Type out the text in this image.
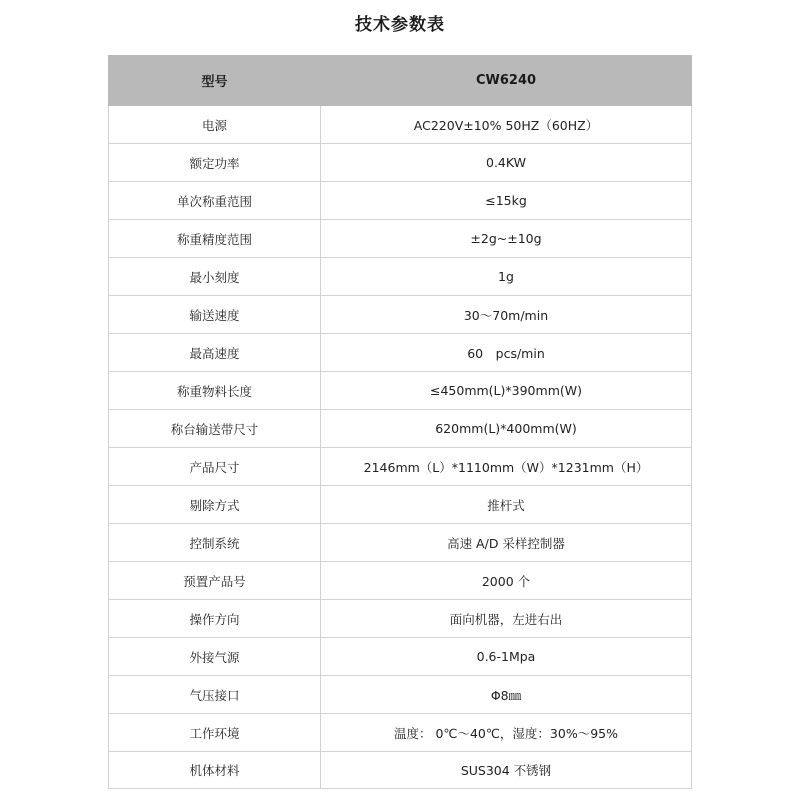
技术参数表
型号	CW6240
电源	AC220V±10% 50HZ（60HZ）
额定功率	0.4KW
单次称重范围	≤15kg
称重精度范围	±2g~±10g
最小刻度	1g
输送速度	30～70m/min
最高速度	60　pcs/min
称重物料长度	≤450mm(L)*390mm(W)
称台输送带尺寸	620mm(L)*400mm(W)
产品尺寸	2146mm（L）*1110mm（W）*1231mm（H）
剔除方式	推杆式
控制系统	高速 A/D 采样控制器
预置产品号	2000 个
操作方向	面向机器，左进右出
外接气源	0.6-1Mpa
气压接口	Φ8㎜
工作环境	温度： 0℃～40℃，湿度：30%～95%
机体材料	SUS304 不锈钢
